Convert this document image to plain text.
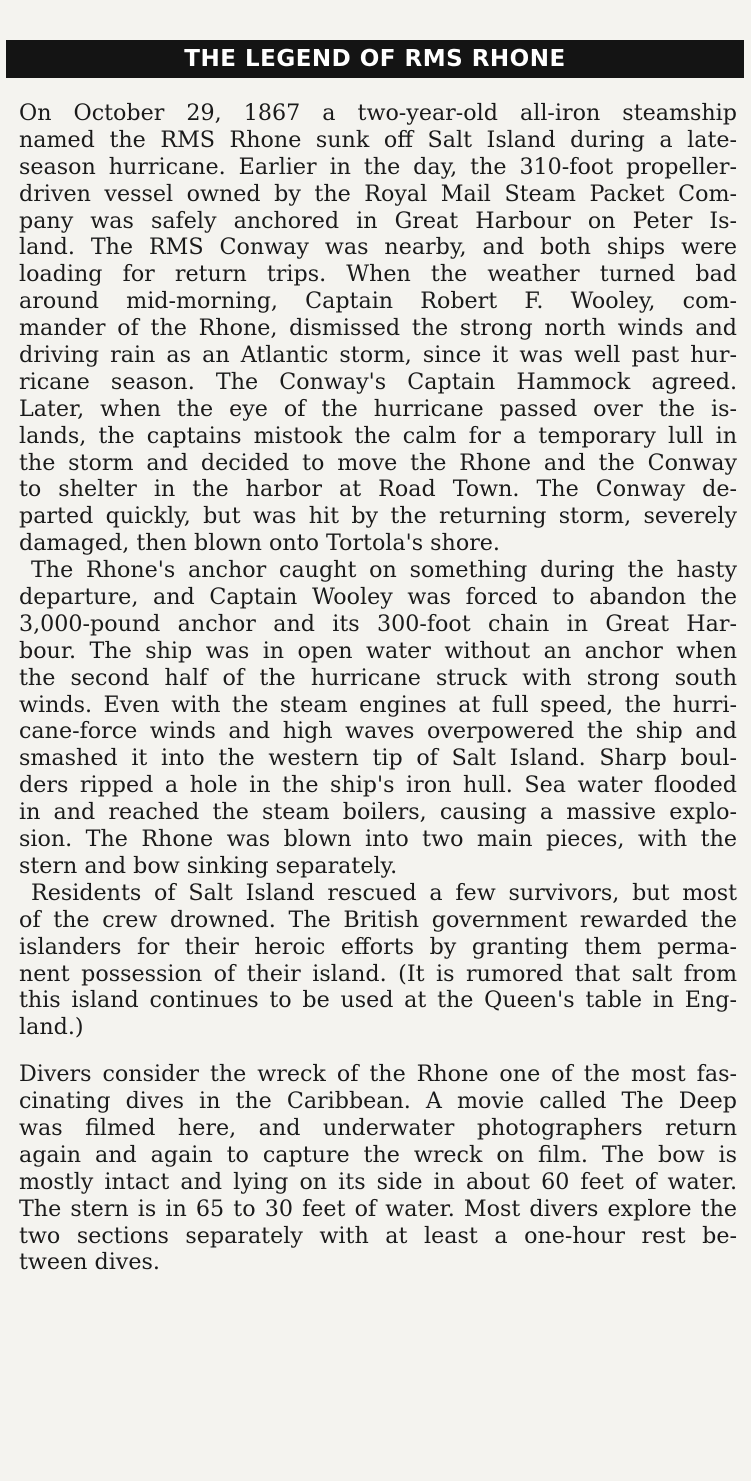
THE LEGEND OF RMS RHONE
On October 29, 1867 a two-year-old all-iron steamship
named the RMS Rhone sunk off Salt Island during a late-
season hurricane. Earlier in the day, the 310-foot propeller-
driven vessel owned by the Royal Mail Steam Packet Com-
pany was safely anchored in Great Harbour on Peter Is-
land. The RMS Conway was nearby, and both ships were
loading for return trips. When the weather turned bad
around mid-morning, Captain Robert F. Wooley, com-
mander of the Rhone, dismissed the strong north winds and
driving rain as an Atlantic storm, since it was well past hur-
ricane season. The Conway's Captain Hammock agreed.
Later, when the eye of the hurricane passed over the is-
lands, the captains mistook the calm for a temporary lull in
the storm and decided to move the Rhone and the Conway
to shelter in the harbor at Road Town. The Conway de-
parted quickly, but was hit by the returning storm, severely
damaged, then blown onto Tortola's shore.
The Rhone's anchor caught on something during the hasty
departure, and Captain Wooley was forced to abandon the
3,000-pound anchor and its 300-foot chain in Great Har-
bour. The ship was in open water without an anchor when
the second half of the hurricane struck with strong south
winds. Even with the steam engines at full speed, the hurri-
cane-force winds and high waves overpowered the ship and
smashed it into the western tip of Salt Island. Sharp boul-
ders ripped a hole in the ship's iron hull. Sea water flooded
in and reached the steam boilers, causing a massive explo-
sion. The Rhone was blown into two main pieces, with the
stern and bow sinking separately.
Residents of Salt Island rescued a few survivors, but most
of the crew drowned. The British government rewarded the
islanders for their heroic efforts by granting them perma-
nent possession of their island. (It is rumored that salt from
this island continues to be used at the Queen's table in Eng-
land.)
Divers consider the wreck of the Rhone one of the most fas-
cinating dives in the Caribbean. A movie called The Deep
was filmed here, and underwater photographers return
again and again to capture the wreck on film. The bow is
mostly intact and lying on its side in about 60 feet of water.
The stern is in 65 to 30 feet of water. Most divers explore the
two sections separately with at least a one-hour rest be-
tween dives.
